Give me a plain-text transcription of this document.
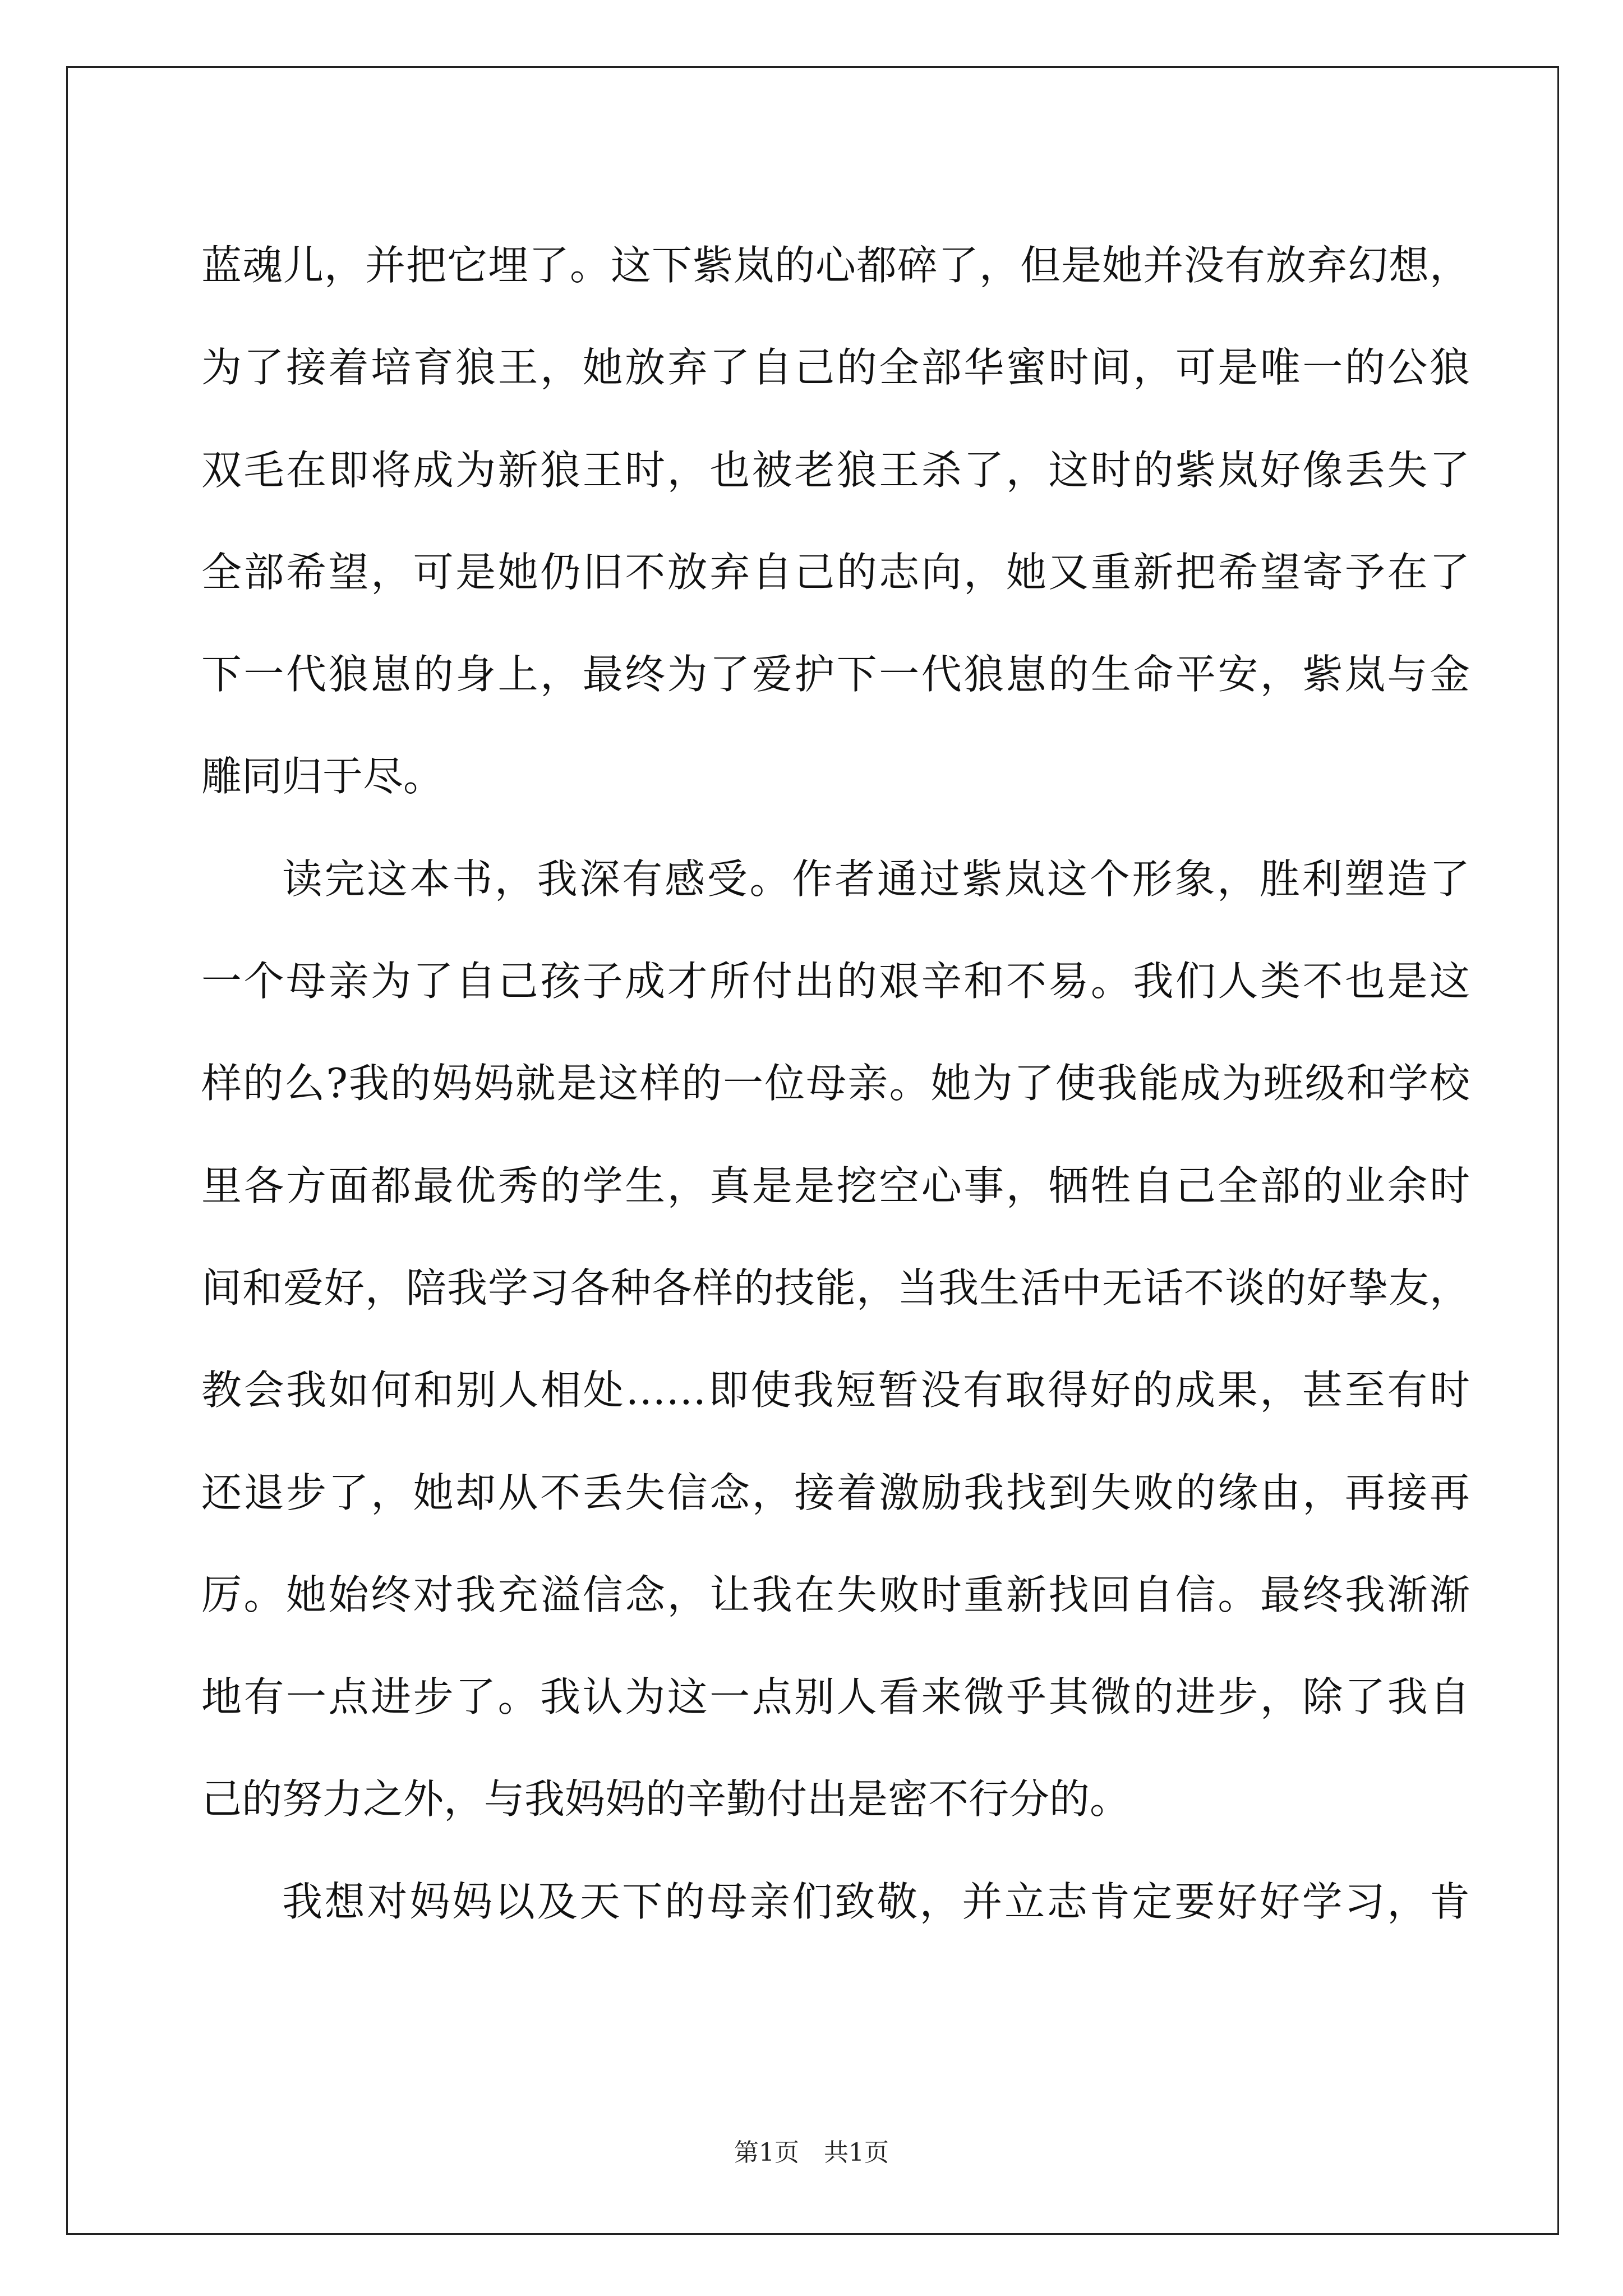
蓝魂儿，并把它埋了。这下紫岚的心都碎了，但是她并没有放弃幻想，
为了接着培育狼王，她放弃了自己的全部华蜜时间，可是唯一的公狼
双毛在即将成为新狼王时，也被老狼王杀了，这时的紫岚好像丢失了
全部希望，可是她仍旧不放弃自己的志向，她又重新把希望寄予在了
下一代狼崽的身上，最终为了爱护下一代狼崽的生命平安，紫岚与金
雕同归于尽。
读完这本书，我深有感受。作者通过紫岚这个形象，胜利塑造了
一个母亲为了自己孩子成才所付出的艰辛和不易。我们人类不也是这
样的么?我的妈妈就是这样的一位母亲。她为了使我能成为班级和学校
里各方面都最优秀的学生，真是是挖空心事，牺牲自己全部的业余时
间和爱好，陪我学习各种各样的技能，当我生活中无话不谈的好挚友，
教会我如何和别人相处……即使我短暂没有取得好的成果，甚至有时
还退步了，她却从不丢失信念，接着激励我找到失败的缘由，再接再
厉。她始终对我充溢信念，让我在失败时重新找回自信。最终我渐渐
地有一点进步了。我认为这一点别人看来微乎其微的进步，除了我自
己的努力之外，与我妈妈的辛勤付出是密不行分的。
我想对妈妈以及天下的母亲们致敬，并立志肯定要好好学习，肯
第1页　共1页
